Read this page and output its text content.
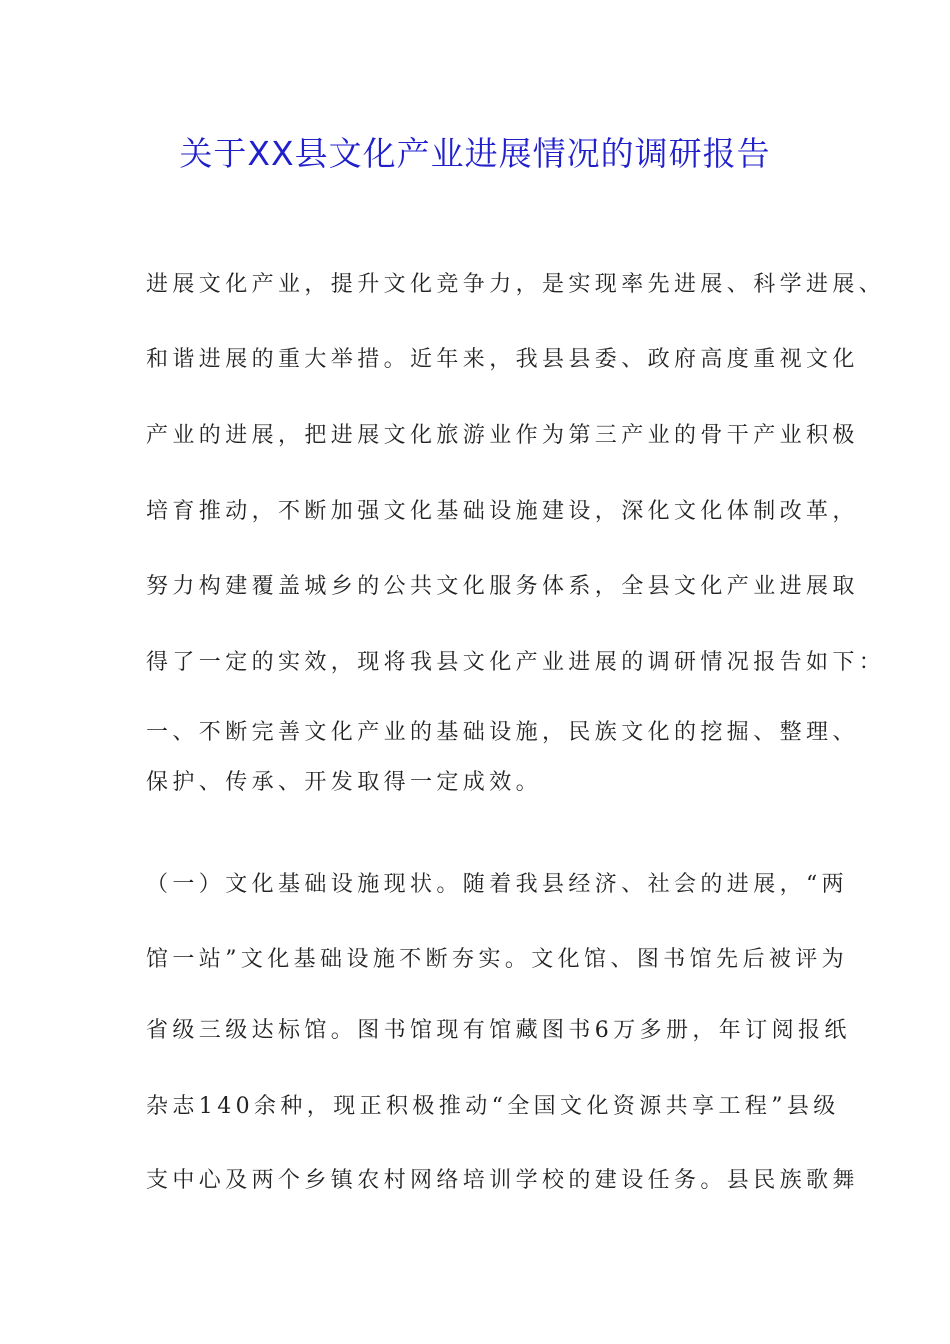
关于XX县文化产业进展情况的调研报告
进展文化产业，提升文化竞争力，是实现率先进展、科学进展、
和谐进展的重大举措。近年来，我县县委、政府高度重视文化
产业的进展，把进展文化旅游业作为第三产业的骨干产业积极
培育推动，不断加强文化基础设施建设，深化文化体制改革，
努力构建覆盖城乡的公共文化服务体系，全县文化产业进展取
得了一定的实效，现将我县文化产业进展的调研情况报告如下：
一、不断完善文化产业的基础设施，民族文化的挖掘、整理、
保护、传承、开发取得一定成效。
（一）文化基础设施现状。随着我县经济、社会的进展，“两
馆一站”文化基础设施不断夯实。文化馆、图书馆先后被评为
省级三级达标馆。图书馆现有馆藏图书6万多册，年订阅报纸
杂志140余种，现正积极推动“全国文化资源共享工程”县级
支中心及两个乡镇农村网络培训学校的建设任务。县民族歌舞
